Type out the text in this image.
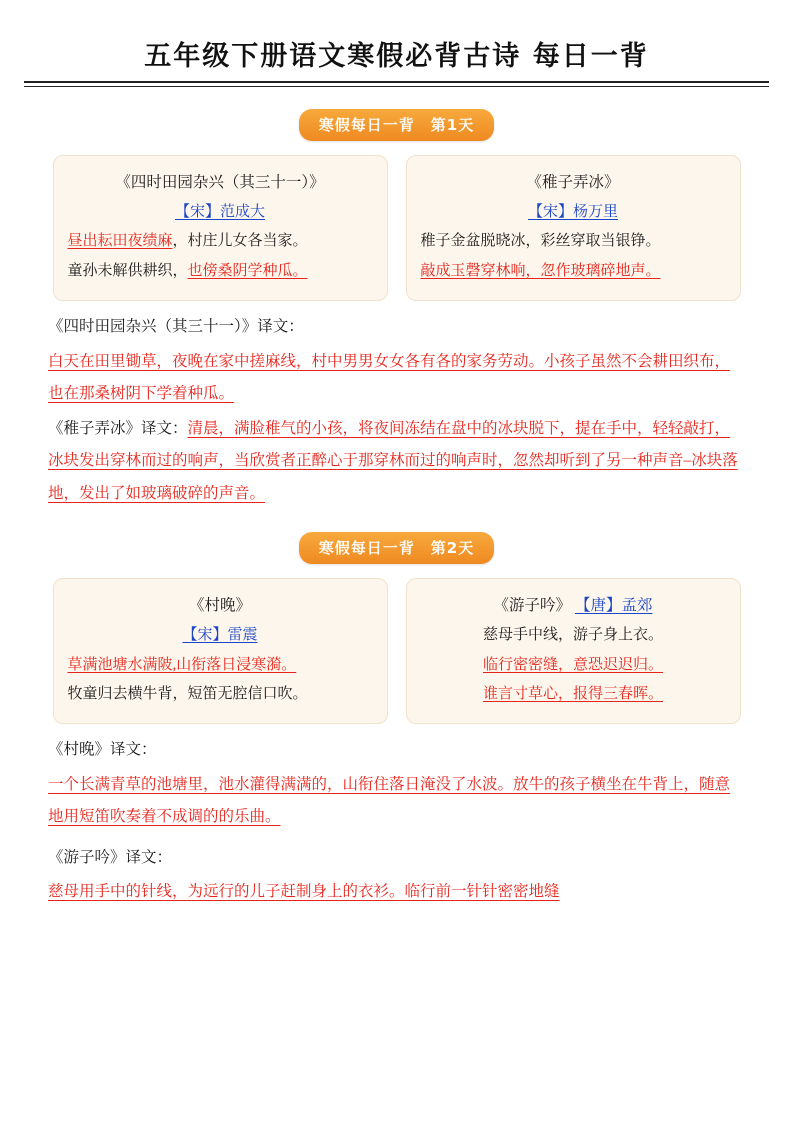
五年级下册语文寒假必背古诗 每日一背
寒假每日一背 第1天
《四时田园杂兴（其三十一）》
【宋】范成大
昼出耘田夜绩麻，村庄儿女各当家。
童孙未解供耕织，也傍桑阴学种瓜。
《稚子弄冰》
【宋】杨万里
稚子金盆脱晓冰，彩丝穿取当银铮。
敲成玉磬穿林响，忽作玻璃碎地声。

《四时田园杂兴（其三十一）》译文：

白天在田里锄草，夜晚在家中搓麻线，村中男男女女各有各的家务劳动。小孩子虽然不会耕田织布，也在那桑树阴下学着种瓜。

《稚子弄冰》译文：清晨，满脸稚气的小孩，将夜间冻结在盘中的冰块脱下，提在手中，轻轻敲打，冰块发出穿林而过的响声，当欣赏者正醉心于那穿林而过的响声时，忽然却听到了另一种声音–冰块落地，发出了如玻璃破碎的声音。

寒假每日一背 第2天
《村晚》
【宋】雷震
草满池塘水满陂,山衔落日浸寒漪。
牧童归去横牛背，短笛无腔信口吹。
《游子吟》 【唐】孟郊
慈母手中线，游子身上衣。
临行密密缝，意恐迟迟归。
谁言寸草心，报得三春晖。

《村晚》译文：

一个长满青草的池塘里，池水灌得满满的，山衔住落日淹没了水波。放牛的孩子横坐在牛背上，随意地用短笛吹奏着不成调的的乐曲。

《游子吟》译文：

慈母用手中的针线，为远行的儿子赶制身上的衣衫。临行前一针针密密地缝
